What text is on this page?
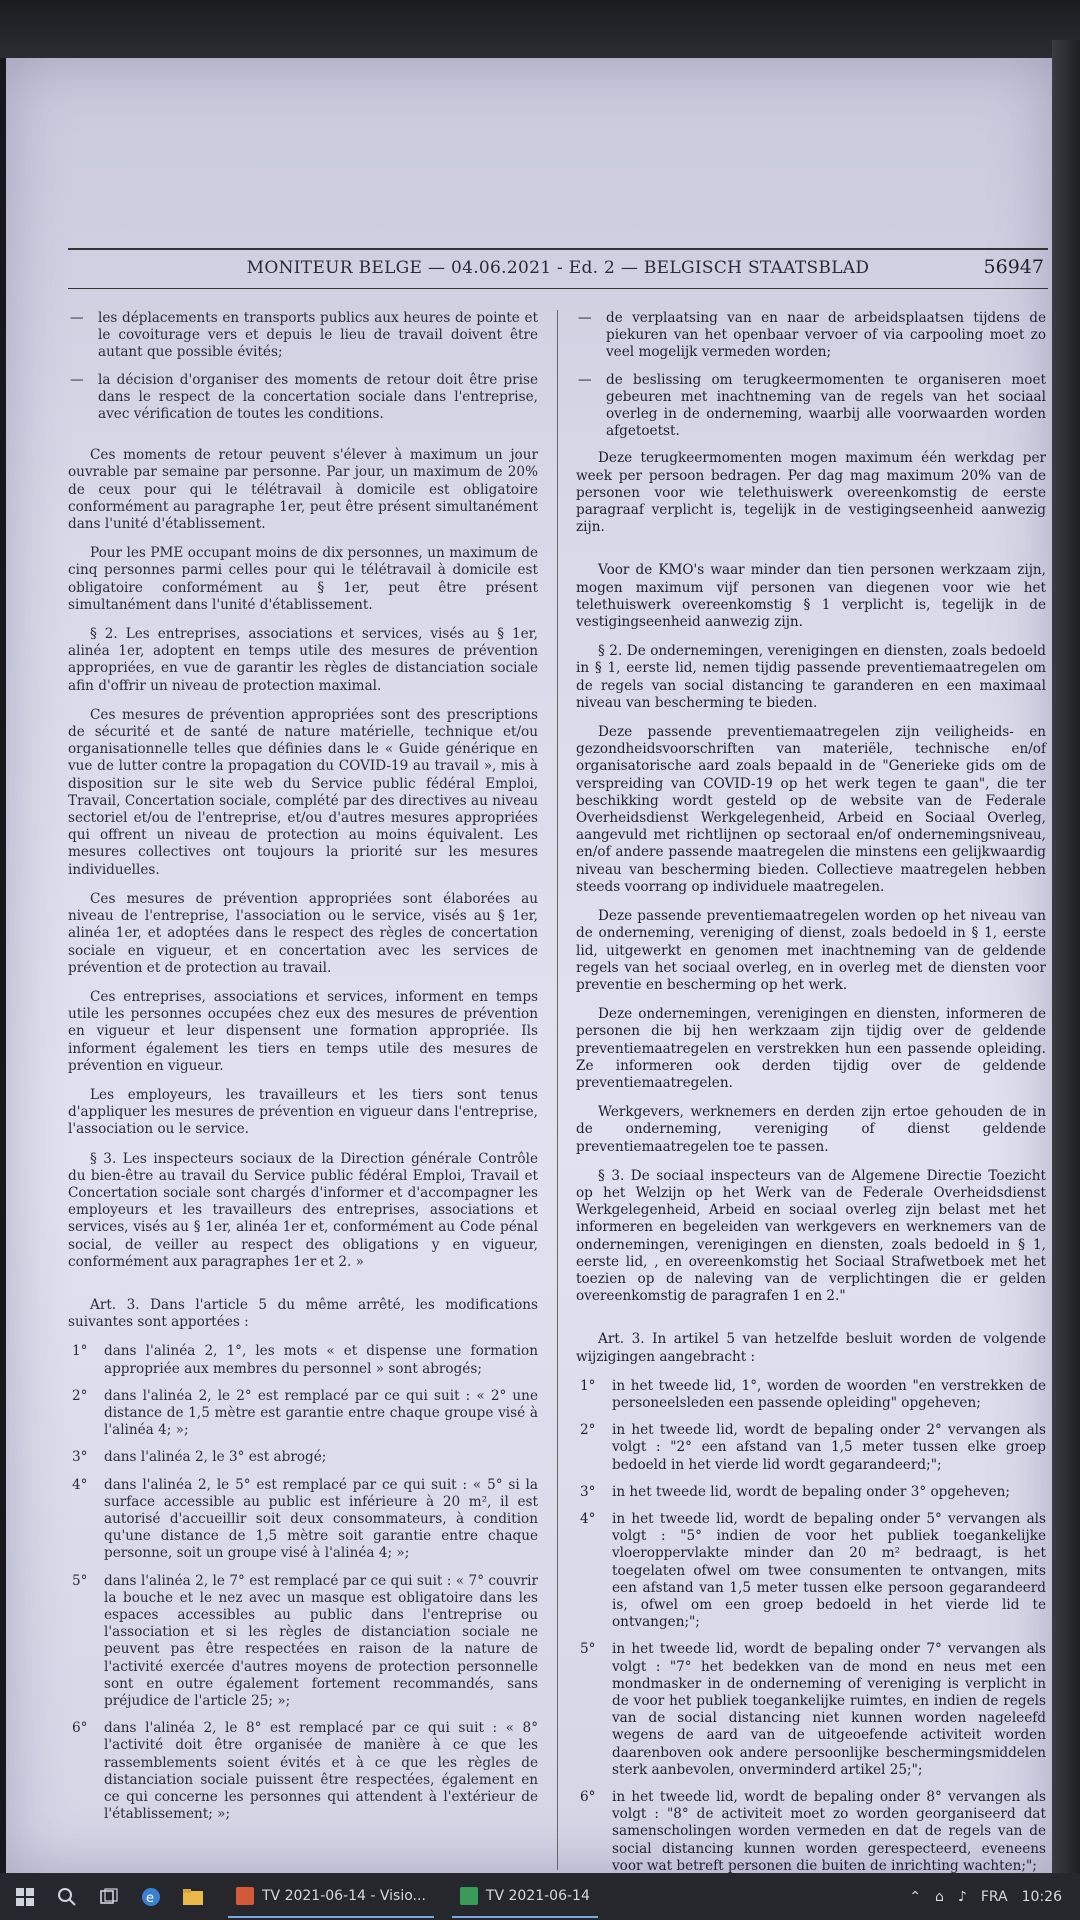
MONITEUR BELGE — 04.06.2021 - Ed. 2 — BELGISCH STAATSBLAD	56947

— les déplacements en transports publics aux heures de pointe et le covoiturage vers et depuis le lieu de travail doivent être autant que possible évités;

— la décision d'organiser des moments de retour doit être prise dans le respect de la concertation sociale dans l'entreprise, avec vérification de toutes les conditions.

Ces moments de retour peuvent s'élever à maximum un jour ouvrable par semaine par personne. Par jour, un maximum de 20% de ceux pour qui le télétravail à domicile est obligatoire conformément au paragraphe 1er, peut être présent simultanément dans l'unité d'établissement.

Pour les PME occupant moins de dix personnes, un maximum de cinq personnes parmi celles pour qui le télétravail à domicile est obligatoire conformément au § 1er, peut être présent simultanément dans l'unité d'établissement.

§ 2. Les entreprises, associations et services, visés au § 1er, alinéa 1er, adoptent en temps utile des mesures de prévention appropriées, en vue de garantir les règles de distanciation sociale afin d'offrir un niveau de protection maximal.

Ces mesures de prévention appropriées sont des prescriptions de sécurité et de santé de nature matérielle, technique et/ou organisationnelle telles que définies dans le « Guide générique en vue de lutter contre la propagation du COVID-19 au travail », mis à disposition sur le site web du Service public fédéral Emploi, Travail, Concertation sociale, complété par des directives au niveau sectoriel et/ou de l'entreprise, et/ou d'autres mesures appropriées qui offrent un niveau de protection au moins équivalent. Les mesures collectives ont toujours la priorité sur les mesures individuelles.

Ces mesures de prévention appropriées sont élaborées au niveau de l'entreprise, l'association ou le service, visés au § 1er, alinéa 1er, et adoptées dans le respect des règles de concertation sociale en vigueur, et en concertation avec les services de prévention et de protection au travail.

Ces entreprises, associations et services, informent en temps utile les personnes occupées chez eux des mesures de prévention en vigueur et leur dispensent une formation appropriée. Ils informent également les tiers en temps utile des mesures de prévention en vigueur.

Les employeurs, les travailleurs et les tiers sont tenus d'appliquer les mesures de prévention en vigueur dans l'entreprise, l'association ou le service.

§ 3. Les inspecteurs sociaux de la Direction générale Contrôle du bien-être au travail du Service public fédéral Emploi, Travail et Concertation sociale sont chargés d'informer et d'accompagner les employeurs et les travailleurs des entreprises, associations et services, visés au § 1er, alinéa 1er et, conformément au Code pénal social, de veiller au respect des obligations y en vigueur, conformément aux paragraphes 1er et 2. »

Art. 3. Dans l'article 5 du même arrêté, les modifications suivantes sont apportées :

1° dans l'alinéa 2, 1°, les mots « et dispense une formation appropriée aux membres du personnel » sont abrogés;
2° dans l'alinéa 2, le 2° est remplacé par ce qui suit : « 2° une distance de 1,5 mètre est garantie entre chaque groupe visé à l'alinéa 4; »;
3° dans l'alinéa 2, le 3° est abrogé;
4° dans l'alinéa 2, le 5° est remplacé par ce qui suit : « 5° si la surface accessible au public est inférieure à 20 m², il est autorisé d'accueillir soit deux consommateurs, à condition qu'une distance de 1,5 mètre soit garantie entre chaque personne, soit un groupe visé à l'alinéa 4; »;
5° dans l'alinéa 2, le 7° est remplacé par ce qui suit : « 7° couvrir la bouche et le nez avec un masque est obligatoire dans les espaces accessibles au public dans l'entreprise ou l'association et si les règles de distanciation sociale ne peuvent pas être respectées en raison de la nature de l'activité exercée d'autres moyens de protection personnelle sont en outre également fortement recommandés, sans préjudice de l'article 25; »;
6° dans l'alinéa 2, le 8° est remplacé par ce qui suit : « 8° l'activité doit être organisée de manière à ce que les rassemblements soient évités et à ce que les règles de distanciation sociale puissent être respectées, également en ce qui concerne les personnes qui attendent à l'extérieur de l'établissement; »;

— de verplaatsing van en naar de arbeidsplaatsen tijdens de piekuren van het openbaar vervoer of via carpooling moet zo veel mogelijk vermeden worden;

— de beslissing om terugkeermomenten te organiseren moet gebeuren met inachtneming van de regels van het sociaal overleg in de onderneming, waarbij alle voorwaarden worden afgetoetst.

Deze terugkeermomenten mogen maximum één werkdag per week per persoon bedragen. Per dag mag maximum 20% van de personen voor wie telethuiswerk overeenkomstig de eerste paragraaf verplicht is, tegelijk in de vestigingseenheid aanwezig zijn.

Voor de KMO's waar minder dan tien personen werkzaam zijn, mogen maximum vijf personen van diegenen voor wie het telethuiswerk overeenkomstig § 1 verplicht is, tegelijk in de vestigingseenheid aanwezig zijn.

§ 2. De ondernemingen, verenigingen en diensten, zoals bedoeld in § 1, eerste lid, nemen tijdig passende preventiemaatregelen om de regels van social distancing te garanderen en een maximaal niveau van bescherming te bieden.

Deze passende preventiemaatregelen zijn veiligheids- en gezondheidsvoorschriften van materiële, technische en/of organisatorische aard zoals bepaald in de "Generieke gids om de verspreiding van COVID-19 op het werk tegen te gaan", die ter beschikking wordt gesteld op de website van de Federale Overheidsdienst Werkgelegenheid, Arbeid en Sociaal Overleg, aangevuld met richtlijnen op sectoraal en/of ondernemingsniveau, en/of andere passende maatregelen die minstens een gelijkwaardig niveau van bescherming bieden. Collectieve maatregelen hebben steeds voorrang op individuele maatregelen.

Deze passende preventiemaatregelen worden op het niveau van de onderneming, vereniging of dienst, zoals bedoeld in § 1, eerste lid, uitgewerkt en genomen met inachtneming van de geldende regels van het sociaal overleg, en in overleg met de diensten voor preventie en bescherming op het werk.

Deze ondernemingen, verenigingen en diensten, informeren de personen die bij hen werkzaam zijn tijdig over de geldende preventiemaatregelen en verstrekken hun een passende opleiding. Ze informeren ook derden tijdig over de geldende preventiemaatregelen.

Werkgevers, werknemers en derden zijn ertoe gehouden de in de onderneming, vereniging of dienst geldende preventiemaatregelen toe te passen.

§ 3. De sociaal inspecteurs van de Algemene Directie Toezicht op het Welzijn op het Werk van de Federale Overheidsdienst Werkgelegenheid, Arbeid en sociaal overleg zijn belast met het informeren en begeleiden van werkgevers en werknemers van de ondernemingen, verenigingen en diensten, zoals bedoeld in § 1, eerste lid, , en overeenkomstig het Sociaal Strafwetboek met het toezien op de naleving van de verplichtingen die er gelden overeenkomstig de paragrafen 1 en 2."

Art. 3. In artikel 5 van hetzelfde besluit worden de volgende wijzigingen aangebracht :

1° in het tweede lid, 1°, worden de woorden "en verstrekken de personeelsleden een passende opleiding" opgeheven;
2° in het tweede lid, wordt de bepaling onder 2° vervangen als volgt : "2° een afstand van 1,5 meter tussen elke groep bedoeld in het vierde lid wordt gegarandeerd;";
3° in het tweede lid, wordt de bepaling onder 3° opgeheven;
4° in het tweede lid, wordt de bepaling onder 5° vervangen als volgt : "5° indien de voor het publiek toegankelijke vloeroppervlakte minder dan 20 m² bedraagt, is het toegelaten ofwel om twee consumenten te ontvangen, mits een afstand van 1,5 meter tussen elke persoon gegarandeerd is, ofwel om een groep bedoeld in het vierde lid te ontvangen;";
5° in het tweede lid, wordt de bepaling onder 7° vervangen als volgt : "7° het bedekken van de mond en neus met een mondmasker in de onderneming of vereniging is verplicht in de voor het publiek toegankelijke ruimtes, en indien de regels van de social distancing niet kunnen worden nageleefd wegens de aard van de uitgeoefende activiteit worden daarenboven ook andere persoonlijke beschermingsmiddelen sterk aanbevolen, onverminderd artikel 25;";
6° in het tweede lid, wordt de bepaling onder 8° vervangen als volgt : "8° de activiteit moet zo worden georganiseerd dat samenscholingen worden vermeden en dat de regels van de social distancing kunnen worden gerespecteerd, eveneens voor wat betreft personen die buiten de inrichting wachten;";
e	TV 2021-06-14 - Visio...	TV 2021-06-14	⌃ ⌂ ♪ FRA 10:26
